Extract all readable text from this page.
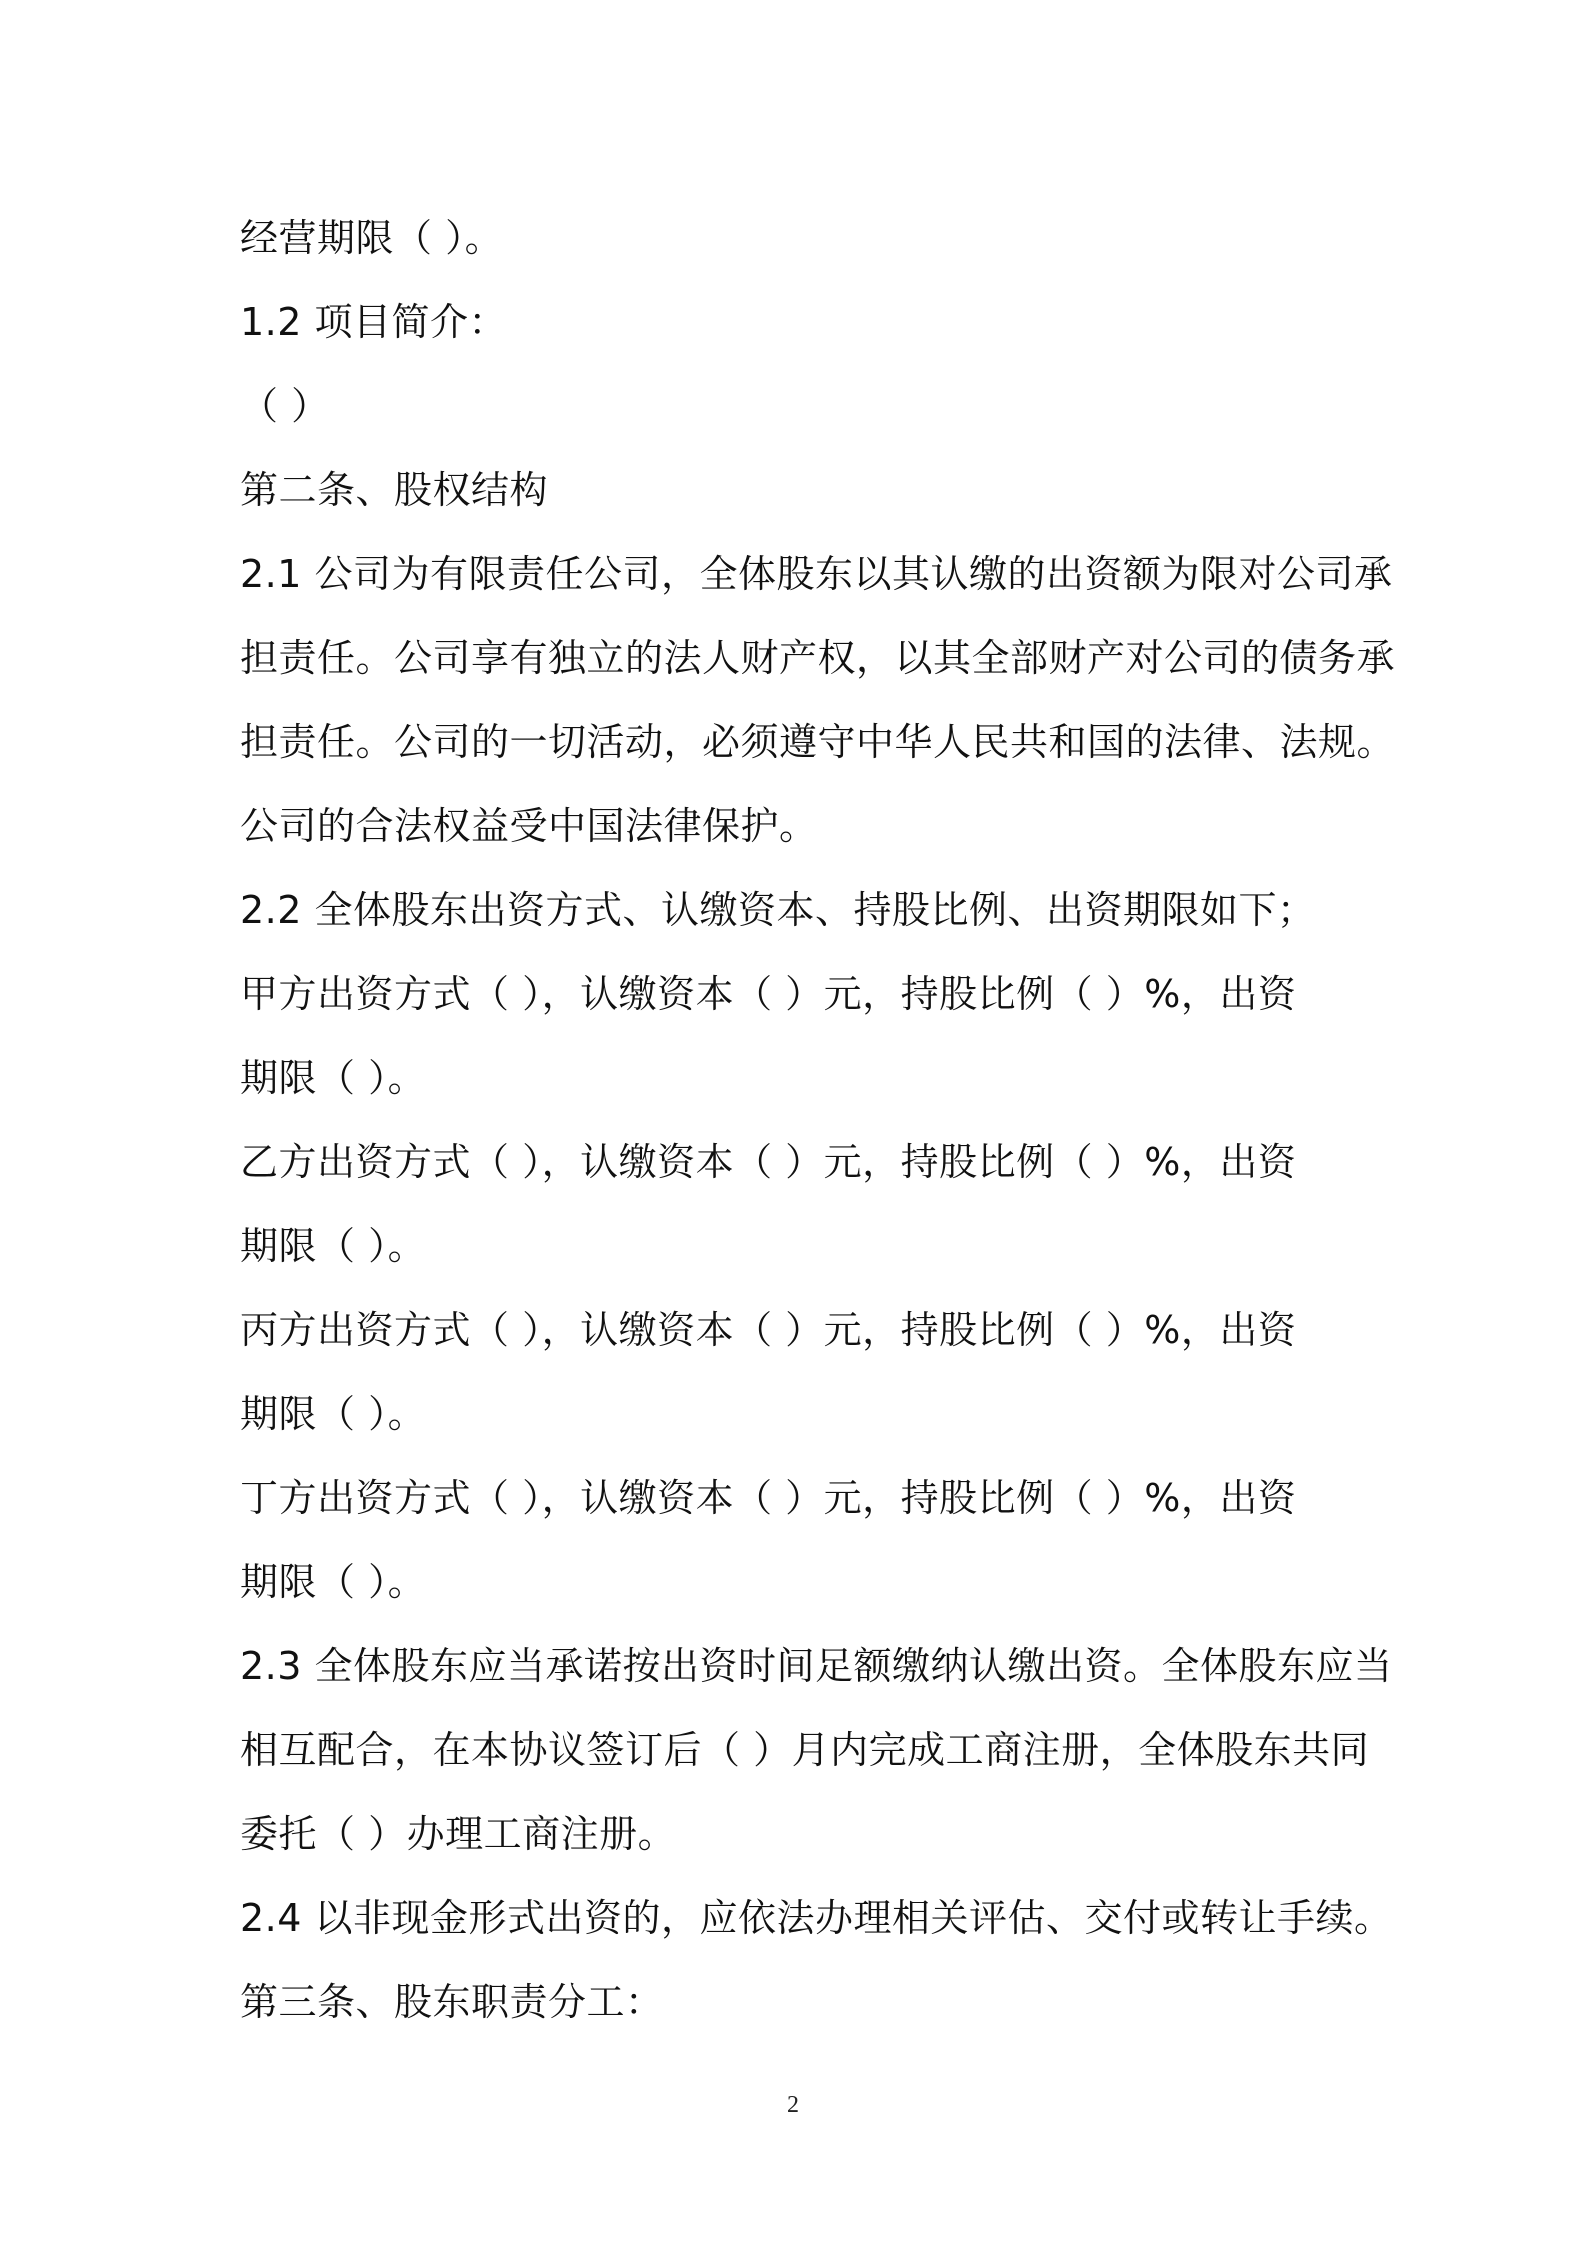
经营期限（ ）。
1.2 项目简介：
（ ）
第二条、股权结构
2.1 公司为有限责任公司，全体股东以其认缴的出资额为限对公司承
担责任。公司享有独立的法人财产权，以其全部财产对公司的债务承
担责任。公司的一切活动，必须遵守中华人民共和国的法律、法规。
公司的合法权益受中国法律保护。
2.2 全体股东出资方式、认缴资本、持股比例、出资期限如下；
甲方出资方式（ ），认缴资本（ ）元，持股比例（ ）%，出资
期限（ ）。
乙方出资方式（ ），认缴资本（ ）元，持股比例（ ）%，出资
期限（ ）。
丙方出资方式（ ），认缴资本（ ）元，持股比例（ ）%，出资
期限（ ）。
丁方出资方式（ ），认缴资本（ ）元，持股比例（ ）%，出资
期限（ ）。
2.3 全体股东应当承诺按出资时间足额缴纳认缴出资。全体股东应当
相互配合，在本协议签订后（ ）月内完成工商注册，全体股东共同
委托（ ）办理工商注册。
2.4 以非现金形式出资的，应依法办理相关评估、交付或转让手续。
第三条、股东职责分工：
2
